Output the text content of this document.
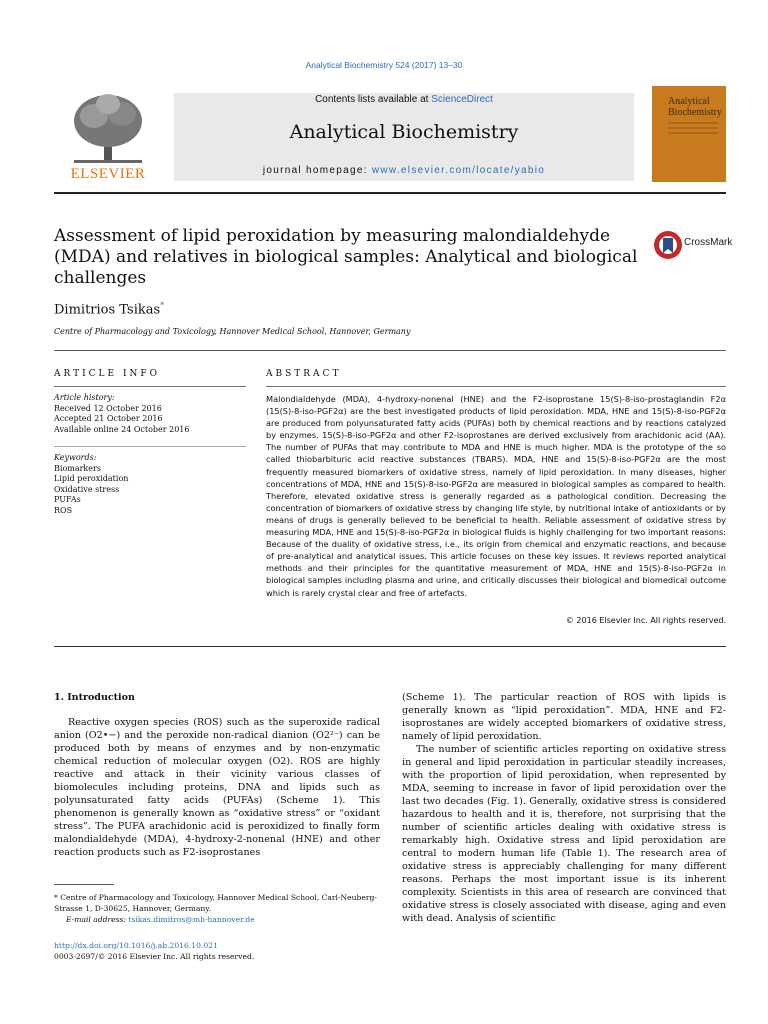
Analytical Biochemistry 524 (2017) 13–30
ELSEVIER
Contents lists available at ScienceDirect
Analytical Biochemistry
journal homepage: www.elsevier.com/locate/yabio
Analytical Biochemistry
Assessment of lipid peroxidation by measuring malondialdehyde (MDA) and relatives in biological samples: Analytical and biological challenges
CrossMark
Dimitrios Tsikas*
Centre of Pharmacology and Toxicology, Hannover Medical School, Hannover, Germany
ARTICLE INFO
Article history:
Received 12 October 2016
Accepted 21 October 2016
Available online 24 October 2016
Keywords:
Biomarkers
Lipid peroxidation
Oxidative stress
PUFAs
ROS
ABSTRACT
Malondialdehyde (MDA), 4-hydroxy-nonenal (HNE) and the F2-isoprostane 15(S)-8-iso-prostaglandin F2α (15(S)-8-iso-PGF2α) are the best investigated products of lipid peroxidation. MDA, HNE and 15(S)-8-iso-PGF2α are produced from polyunsaturated fatty acids (PUFAs) both by chemical reactions and by reactions catalyzed by enzymes. 15(S)-8-iso-PGF2α and other F2-isoprostanes are derived exclusively from arachidonic acid (AA). The number of PUFAs that may contribute to MDA and HNE is much higher. MDA is the prototype of the so called thiobarbituric acid reactive substances (TBARS). MDA, HNE and 15(S)-8-iso-PGF2α are the most frequently measured biomarkers of oxidative stress, namely of lipid peroxidation. In many diseases, higher concentrations of MDA, HNE and 15(S)-8-iso-PGF2α are measured in biological samples as compared to health. Therefore, elevated oxidative stress is generally regarded as a pathological condition. Decreasing the concentration of biomarkers of oxidative stress by changing life style, by nutritional intake of antioxidants or by means of drugs is generally believed to be beneficial to health. Reliable assessment of oxidative stress by measuring MDA, HNE and 15(S)-8-iso-PGF2α in biological fluids is highly challenging for two important reasons: Because of the duality of oxidative stress, i.e., its origin from chemical and enzymatic reactions, and because of pre-analytical and analytical issues. This article focuses on these key issues. It reviews reported analytical methods and their principles for the quantitative measurement of MDA, HNE and 15(S)-8-iso-PGF2α in biological samples including plasma and urine, and critically discusses their biological and biomedical outcome which is rarely crystal clear and free of artefacts.
© 2016 Elsevier Inc. All rights reserved.
1. Introduction

Reactive oxygen species (ROS) such as the superoxide radical anion (O2•−) and the peroxide non-radical dianion (O2²⁻) can be produced both by means of enzymes and by non-enzymatic chemical reduction of molecular oxygen (O2). ROS are highly reactive and attack in their vicinity various classes of biomolecules including proteins, DNA and lipids such as polyunsaturated fatty acids (PUFAs) (Scheme 1). This phenomenon is generally known as “oxidative stress” or “oxidant stress”. The PUFA arachidonic acid is peroxidized to finally form malondialdehyde (MDA), 4-hydroxy-2-nonenal (HNE) and other reaction products such as F2-isoprostanes

(Scheme 1). The particular reaction of ROS with lipids is generally known as “lipid peroxidation”. MDA, HNE and F2-isoprostanes are widely accepted biomarkers of oxidative stress, namely of lipid peroxidation.

The number of scientific articles reporting on oxidative stress in general and lipid peroxidation in particular steadily increases, with the proportion of lipid peroxidation, when represented by MDA, seeming to increase in favor of lipid peroxidation over the last two decades (Fig. 1). Generally, oxidative stress is considered hazardous to health and it is, therefore, not surprising that the number of scientific articles dealing with oxidative stress is remarkably high. Oxidative stress and lipid peroxidation are central to modern human life (Table 1). The research area of oxidative stress is appreciably challenging for many different reasons. Perhaps the most important issue is its inherent complexity. Scientists in this area of research are convinced that oxidative stress is closely associated with disease, aging and even with dead. Analysis of scientific

* Centre of Pharmacology and Toxicology, Hannover Medical School, Carl-Neuberg-Strasse 1, D-30625, Hannover, Germany.
E-mail address: tsikas.dimitros@mh-hannover.de
http://dx.doi.org/10.1016/j.ab.2016.10.021
0003-2697/© 2016 Elsevier Inc. All rights reserved.
